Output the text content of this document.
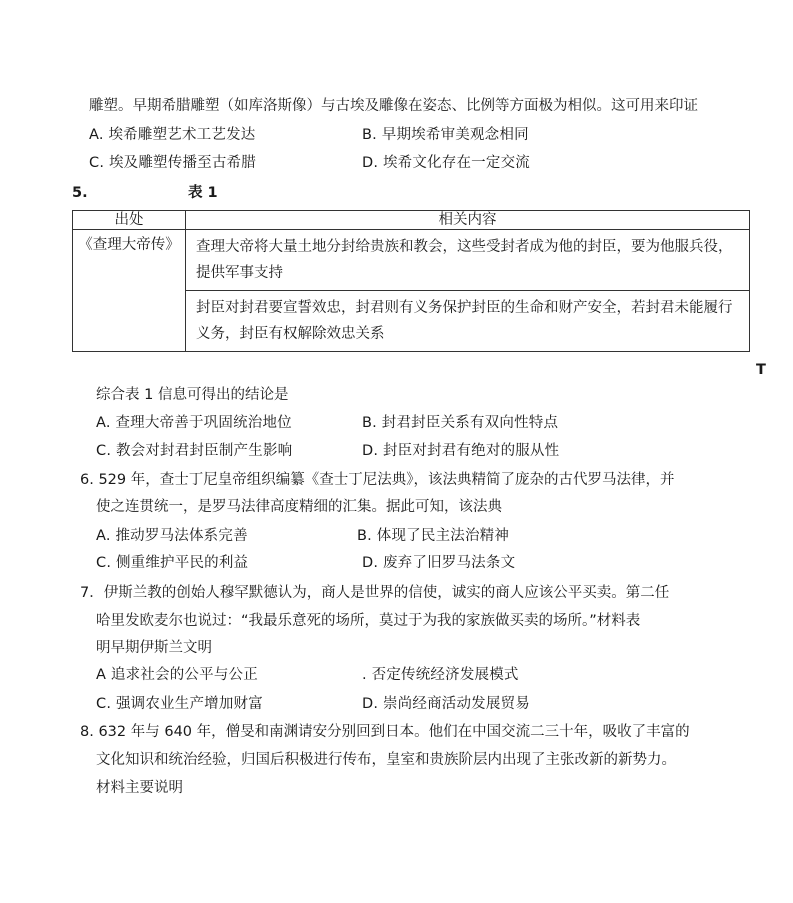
雕塑。早期希腊雕塑（如库洛斯像）与古埃及雕像在姿态、比例等方面极为相似。这可用来印证
A. 埃希雕塑艺术工艺发达	B. 早期埃希审美观念相同
C. 埃及雕塑传播至古希腊	D. 埃希文化存在一定交流
5.	表 1
出处	相关内容
《查理大帝传》	查理大帝将大量土地分封给贵族和教会，这些受封者成为他的封臣，要为他服兵役，提供军事支持

	封臣对封君要宣誓效忠，封君则有义务保护封臣的生命和财产安全，若封君未能履行义务，封臣有权解除效忠关系
T
综合表 1 信息可得出的结论是
A. 查理大帝善于巩固统治地位	B. 封君封臣关系有双向性特点
C. 教会对封君封臣制产生影响	D. 封臣对封君有绝对的服从性
6. 529 年，查士丁尼皇帝组织编纂《查士丁尼法典》，该法典精简了庞杂的古代罗马法律，并
使之连贯统一，是罗马法律高度精细的汇集。据此可知，该法典
A. 推动罗马法体系完善	B. 体现了民主法治精神
C. 侧重维护平民的利益	D. 废弃了旧罗马法条文
7．伊斯兰教的创始人穆罕默德认为，商人是世界的信使，诚实的商人应该公平买卖。第二任
哈里发欧麦尔也说过：“我最乐意死的场所，莫过于为我的家族做买卖的场所。”材料表
明早期伊斯兰文明
A 追求社会的公平与公正	. 否定传统经济发展模式
C. 强调农业生产增加财富	D. 崇尚经商活动发展贸易
8. 632 年与 640 年，僧旻和南渊请安分别回到日本。他们在中国交流二三十年，吸收了丰富的
文化知识和统治经验，归国后积极进行传布，皇室和贵族阶层内出现了主张改新的新势力。
材料主要说明
